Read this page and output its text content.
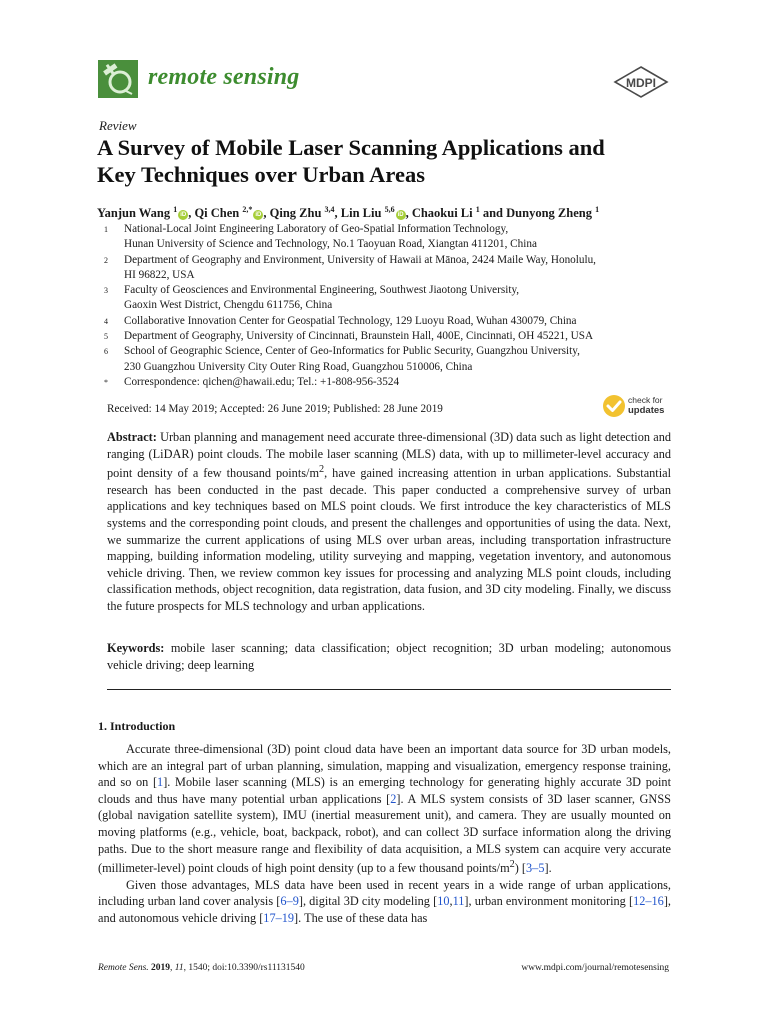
remote sensing	MDPI
Review
A Survey of Mobile Laser Scanning Applications and
Key Techniques over Urban Areas
Yanjun Wang $^1$iD , Qi Chen $^{2,*}$iD , Qing Zhu $^{3,4}$, Lin Liu $^{5,6}$iD , Chaokui Li $^1$ and Dunyong Zheng $^1$
1	National-Local Joint Engineering Laboratory of Geo-Spatial Information Technology,
Hunan University of Science and Technology, No.1 Taoyuan Road, Xiangtan 411201, China
2	Department of Geography and Environment, University of Hawaii at Mānoa, 2424 Maile Way, Honolulu,
HI 96822, USA
3	Faculty of Geosciences and Environmental Engineering, Southwest Jiaotong University,
Gaoxin West District, Chengdu 611756, China
4	Collaborative Innovation Center for Geospatial Technology, 129 Luoyu Road, Wuhan 430079, China
5	Department of Geography, University of Cincinnati, Braunstein Hall, 400E, Cincinnati, OH 45221, USA
6	School of Geographic Science, Center of Geo-Informatics for Public Security, Guangzhou University,
230 Guangzhou University City Outer Ring Road, Guangzhou 510006, China
*	Correspondence: qichen@hawaii.edu; Tel.: +1-808-956-3524
Received: 14 May 2019; Accepted: 26 June 2019; Published: 28 June 2019
check for
updates
Abstract: Urban planning and management need accurate three-dimensional (3D) data such as light detection and ranging (LiDAR) point clouds. The mobile laser scanning (MLS) data, with up to millimeter-level accuracy and point density of a few thousand points/$m^2$, have gained increasing attention in urban applications. Substantial research has been conducted in the past decade. This paper conducted a comprehensive survey of urban applications and key techniques based on MLS point clouds. We first introduce the key characteristics of MLS systems and the corresponding point clouds, and present the challenges and opportunities of using the data. Next, we summarize the current applications of using MLS over urban areas, including transportation infrastructure mapping, building information modeling, utility surveying and mapping, vegetation inventory, and autonomous vehicle driving. Then, we review common key issues for processing and analyzing MLS point clouds, including classification methods, object recognition, data registration, data fusion, and 3D city modeling. Finally, we discuss the future prospects for MLS technology and urban applications.
Keywords: mobile laser scanning; data classification; object recognition; 3D urban modeling; autonomous vehicle driving; deep learning
1. Introduction

Accurate three-dimensional (3D) point cloud data have been an important data source for 3D urban models, which are an integral part of urban planning, simulation, mapping and visualization, emergency response training, and so on [1]. Mobile laser scanning (MLS) is an emerging technology for generating highly accurate 3D point clouds and thus have many potential urban applications [2]. A MLS system consists of 3D laser scanner, GNSS (global navigation satellite system), IMU (inertial measurement unit), and camera. They are usually mounted on moving platforms (e.g., vehicle, boat, backpack, robot), and can collect 3D surface information along the driving paths. Due to the short measure range and flexibility of data acquisition, a MLS system can acquire very accurate (millimeter-level) point clouds of high point density (up to a few thousand points/$m^2$) [3–5].

Given those advantages, MLS data have been used in recent years in a wide range of urban applications, including urban land cover analysis [6–9], digital 3D city modeling [10,11], urban environment monitoring [12–16], and autonomous vehicle driving [17–19]. The use of these data has

Remote Sens. 2019, 11, 1540; doi:10.3390/rs11131540	www.mdpi.com/journal/remotesensing
